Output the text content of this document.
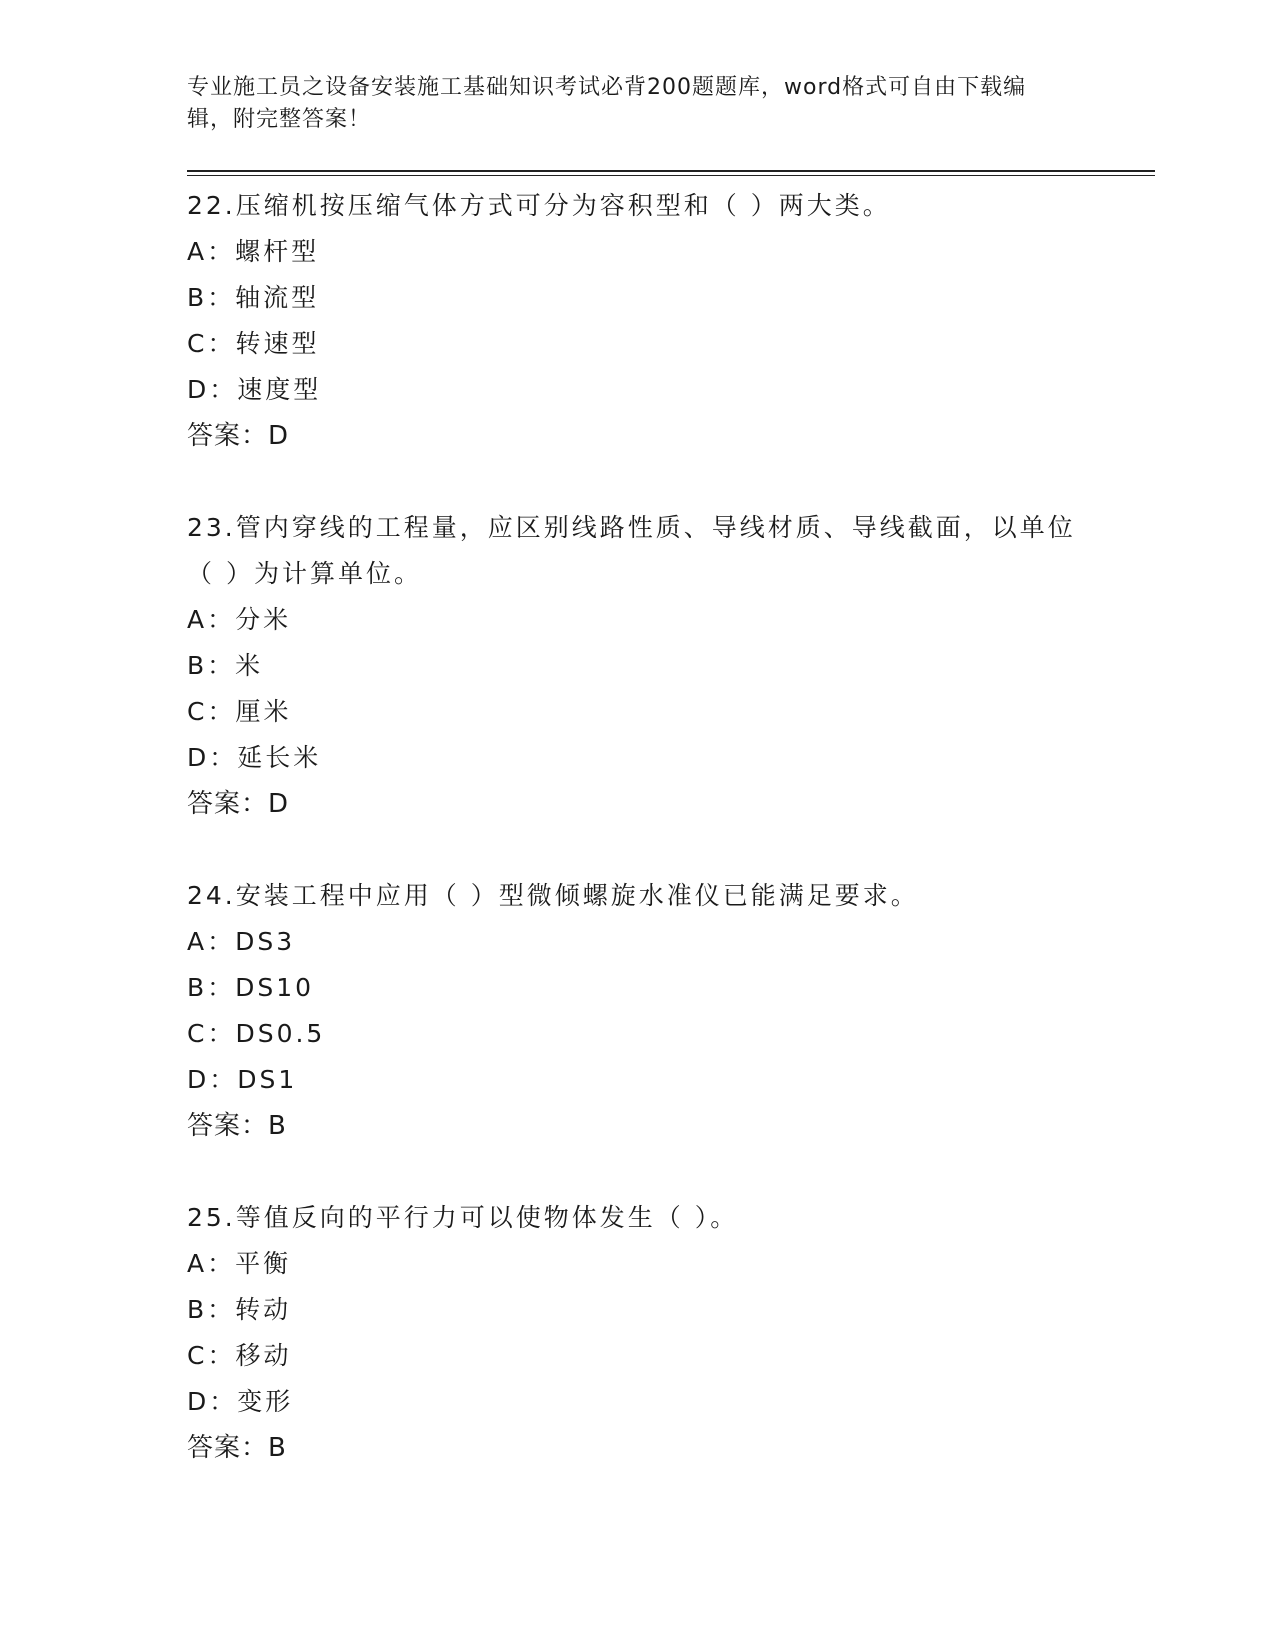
专业施工员之设备安装施工基础知识考试必背200题题库，word格式可自由下载编辑，附完整答案！
22.压缩机按压缩气体方式可分为容积型和（ ）两大类。
A：螺杆型
B：轴流型
C：转速型
D：速度型
答案：D
23.管内穿线的工程量，应区别线路性质、导线材质、导线截面，以单位（ ）为计算单位。
A：分米
B：米
C：厘米
D：延长米
答案：D
24.安装工程中应用（ ）型微倾螺旋水准仪已能满足要求。
A：DS3
B：DS10
C：DS0.5
D：DS1
答案：B
25.等值反向的平行力可以使物体发生（ ）。
A：平衡
B：转动
C：移动
D：变形
答案：B
